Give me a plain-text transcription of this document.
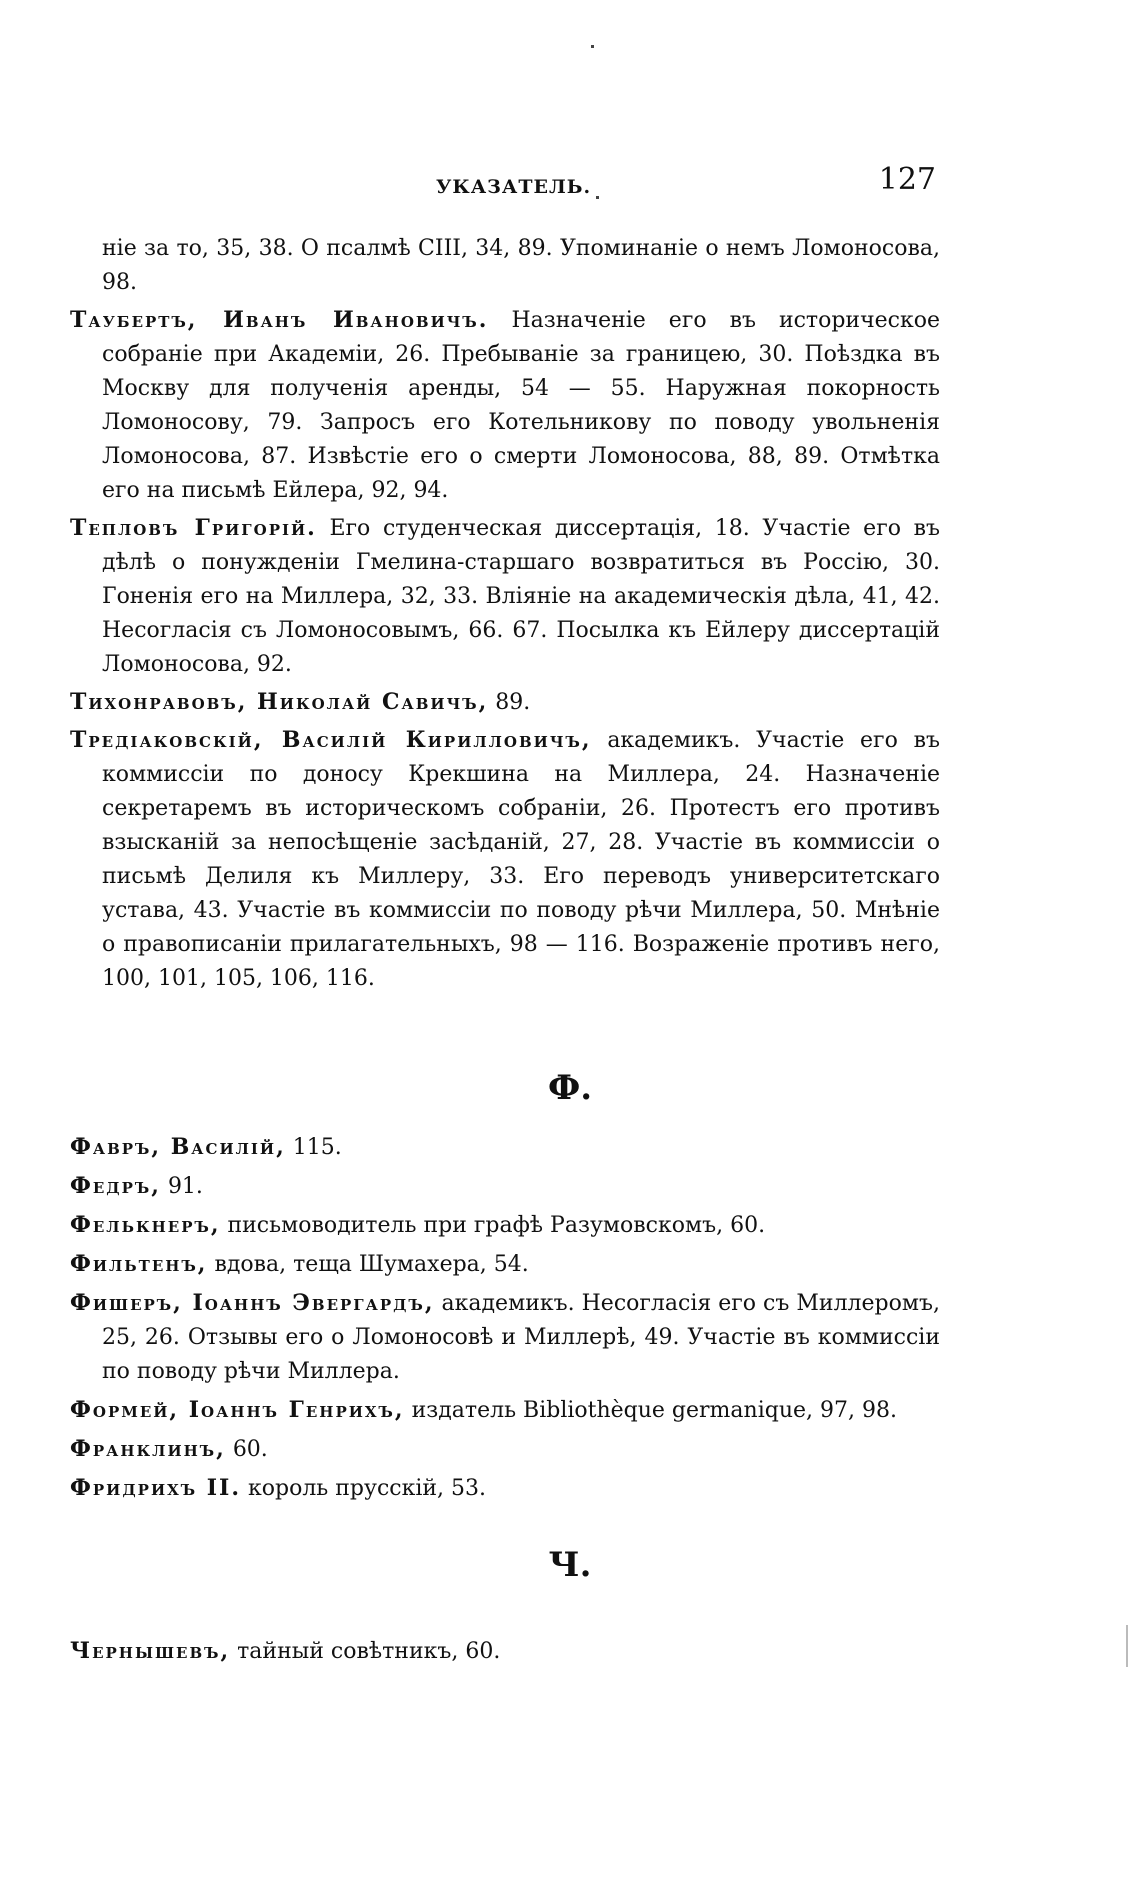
УКАЗАТЕЛЬ.	127

ніе за то, 35, 38. О псалмѣ CIII, 34, 89. Упоминаніе о немъ Ломоносова, 98.

Таубертъ, Иванъ Ивановичъ. Назначеніе его въ историческое собраніе при Академіи, 26. Пребываніе за границею, 30. Поѣздка въ Москву для полученія аренды, 54 — 55. Наружная покорность Ломоносову, 79. Запросъ его Котельникову по поводу увольненія Ломоносова, 87. Извѣстіе его о смерти Ломоносова, 88, 89. Отмѣтка его на письмѣ Ейлера, 92, 94.

Тепловъ Григорій. Его студенческая диссертація, 18. Участіе его въ дѣлѣ о понужденіи Гмелина-старшаго возвратиться въ Россію, 30. Гоненія его на Миллера, 32, 33. Вліяніе на академическія дѣла, 41, 42. Несогласія съ Ломоносовымъ, 66. 67. Посылка къ Ейлеру диссертацій Ломоносова, 92.

Тихонравовъ, Николай Савичъ, 89.

Тредіаковскій, Василій Кирилловичъ, академикъ. Участіе его въ коммиссіи по доносу Крекшина на Миллера, 24. Назначеніе секретаремъ въ историческомъ собраніи, 26. Протестъ его противъ взысканій за непосѣщеніе засѣданій, 27, 28. Участіе въ коммиссіи о письмѣ Делиля къ Миллеру, 33. Его переводъ университетскаго устава, 43. Участіе въ коммиссіи по поводу рѣчи Миллера, 50. Мнѣніе о правописаніи прилагательныхъ, 98 — 116. Возраженіе противъ него, 100, 101, 105, 106, 116.

Ф.

Фавръ, Василій, 115.

Федръ, 91.

Фелькнеръ, письмоводитель при графѣ Разумовскомъ, 60.

Фильтенъ, вдова, теща Шумахера, 54.

Фишеръ, Іоаннъ Эвергардъ, академикъ. Несогласія его съ Миллеромъ, 25, 26. Отзывы его о Ломоносовѣ и Миллерѣ, 49. Участіе въ коммиссіи по поводу рѣчи Миллера.

Формей, Іоаннъ Генрихъ, издатель Bibliothèque germanique, 97, 98.

Франклинъ, 60.

Фридрихъ II. король прусскій, 53.

Ч.

Чернышевъ, тайный совѣтникъ, 60.
